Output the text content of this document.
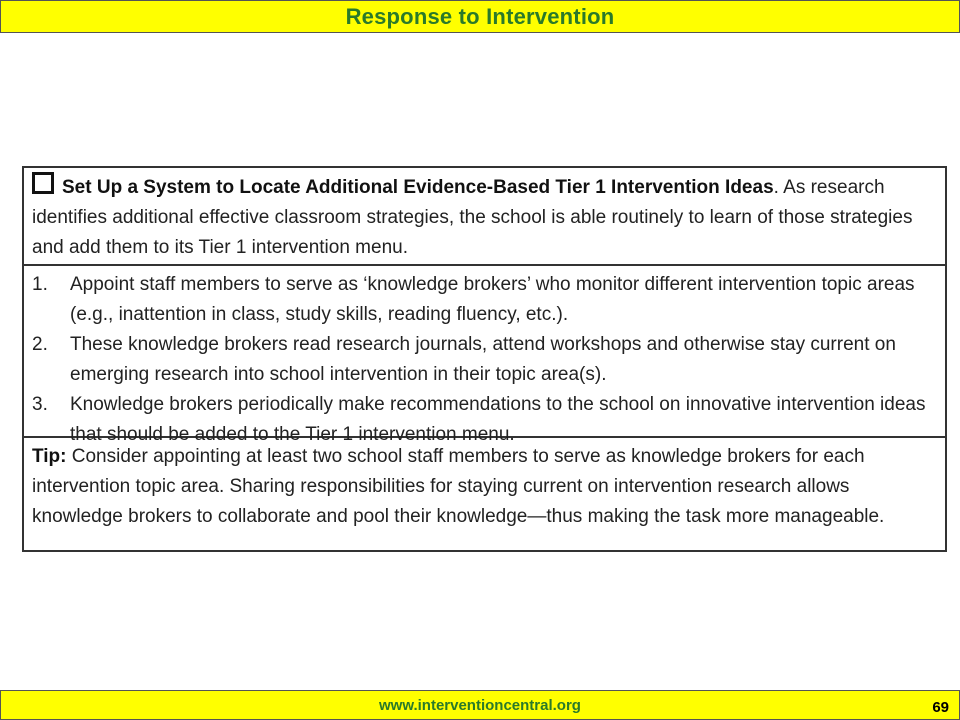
Response to Intervention
Set Up a System to Locate Additional Evidence-Based Tier 1 Intervention Ideas. As research identifies additional effective classroom strategies, the school is able routinely to learn of those strategies and add them to its Tier 1 intervention menu.
1.	Appoint staff members to serve as ‘knowledge brokers’ who monitor different intervention topic areas (e.g., inattention in class, study skills, reading fluency, etc.).
2.	These knowledge brokers read research journals, attend workshops and otherwise stay current on emerging research into school intervention in their topic area(s).
3.	Knowledge brokers periodically make recommendations to the school on innovative intervention ideas that should be added to the Tier 1 intervention menu.
Tip: Consider appointing at least two school staff members to serve as knowledge brokers for each intervention topic area. Sharing responsibilities for staying current on intervention research allows knowledge brokers to collaborate and pool their knowledge—thus making the task more manageable.
www.interventioncentral.org	69
